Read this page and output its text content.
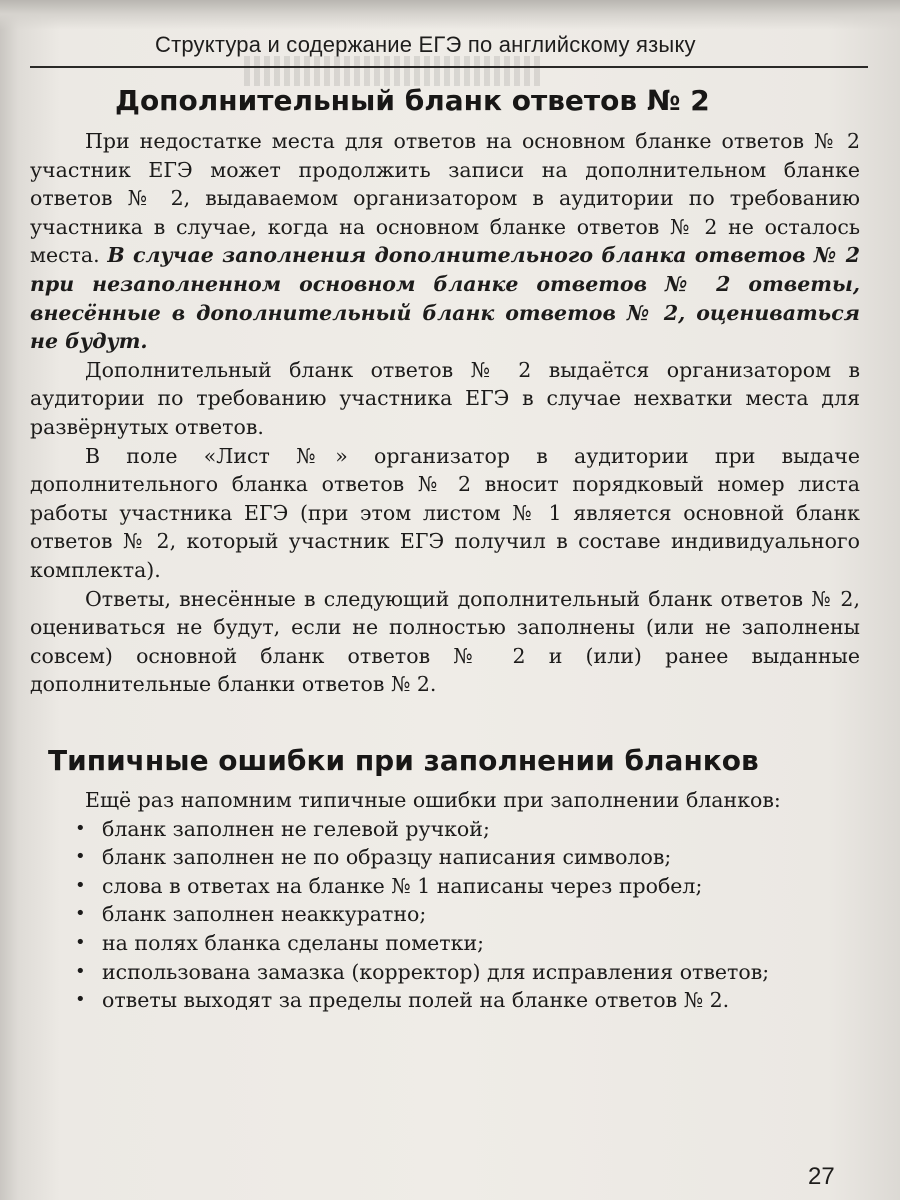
Структура и содержание ЕГЭ по английскому языку
Дополнительный бланк ответов № 2

При недостатке места для ответов на основном бланке ответов № 2 участник ЕГЭ может продолжить записи на дополнительном бланке ответов № 2, выдаваемом организатором в аудитории по требованию участника в случае, когда на основном бланке ответов № 2 не осталось места. В случае заполнения дополнительного бланка ответов № 2 при незаполненном основном бланке ответов № 2 ответы, внесённые в дополнительный бланк ответов № 2, оцениваться не будут.

Дополнительный бланк ответов № 2 выдаётся организатором в аудитории по требованию участника ЕГЭ в случае нехватки места для развёрнутых ответов.

В поле «Лист №» организатор в аудитории при выдаче дополнительного бланка ответов № 2 вносит порядковый номер листа работы участника ЕГЭ (при этом листом № 1 является основной бланк ответов № 2, который участник ЕГЭ получил в составе индивидуального комплекта).

Ответы, внесённые в следующий дополнительный бланк ответов № 2, оцениваться не будут, если не полностью заполнены (или не заполнены совсем) основной бланк ответов № 2 и (или) ранее выданные дополнительные бланки ответов № 2.

Типичные ошибки при заполнении бланков

Ещё раз напомним типичные ошибки при заполнении бланков:

• бланк заполнен не гелевой ручкой;
• бланк заполнен не по образцу написания символов;
• слова в ответах на бланке № 1 написаны через пробел;
• бланк заполнен неаккуратно;
• на полях бланка сделаны пометки;
• использована замазка (корректор) для исправления ответов;
• ответы выходят за пределы полей на бланке ответов № 2.
27
